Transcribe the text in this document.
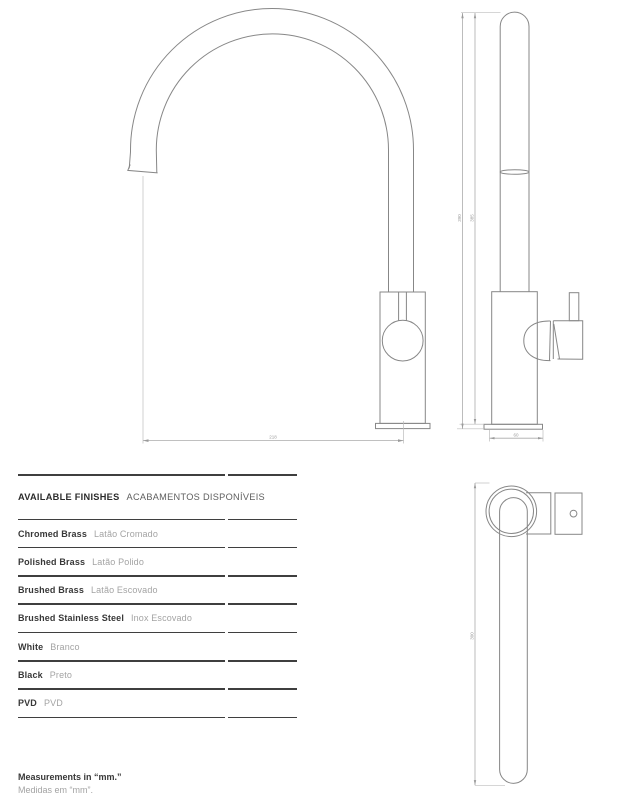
218
390 385
60
300
AVAILABLE FINISHES ACABAMENTOS DISPONÍVEIS
Chromed Brass Latão Cromado
Polished Brass Latão Polido
Brushed Brass Latão Escovado
Brushed Stainless Steel Inox Escovado
White Branco
Black Preto
PVD PVD
Measurements in “mm.”
Medidas em “mm”.
